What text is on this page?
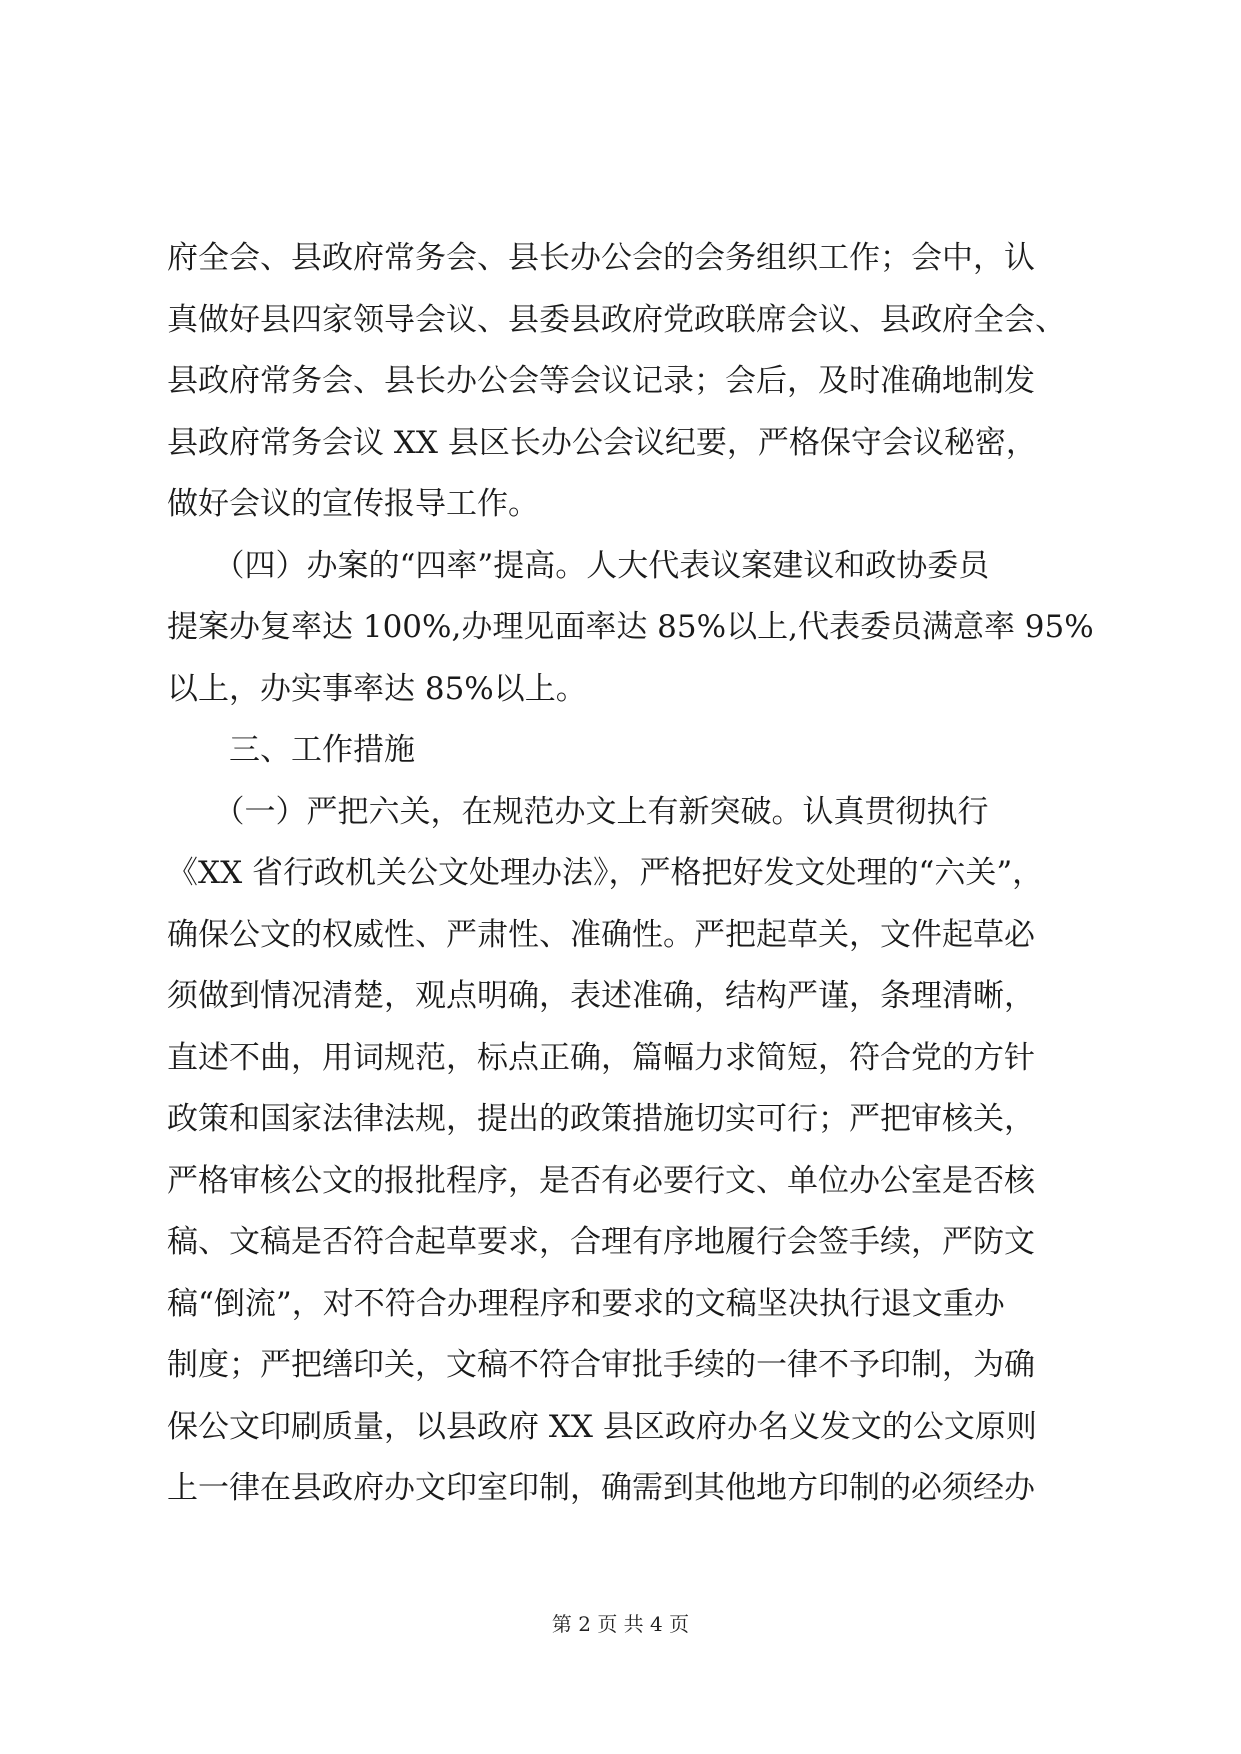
府全会、县政府常务会、县长办公会的会务组织工作；会中，认
真做好县四家领导会议、县委县政府党政联席会议、县政府全会、
县政府常务会、县长办公会等会议记录；会后，及时准确地制发
县政府常务会议 XX 县区长办公会议纪要，严格保守会议秘密，
做好会议的宣传报导工作。
　　（四）办案的“四率”提高。人大代表议案建议和政协委员
提案办复率达 100%,办理见面率达 85%以上,代表委员满意率 95%
以上，办实事率达 85%以上。
　　三、工作措施
　　（一）严把六关，在规范办文上有新突破。认真贯彻执行
《XX 省行政机关公文处理办法》，严格把好发文处理的“六关”，
确保公文的权威性、严肃性、准确性。严把起草关，文件起草必
须做到情况清楚，观点明确，表述准确，结构严谨，条理清晰，
直述不曲，用词规范，标点正确，篇幅力求简短，符合党的方针
政策和国家法律法规，提出的政策措施切实可行；严把审核关，
严格审核公文的报批程序，是否有必要行文、单位办公室是否核
稿、文稿是否符合起草要求，合理有序地履行会签手续，严防文
稿“倒流”，对不符合办理程序和要求的文稿坚决执行退文重办
制度；严把缮印关，文稿不符合审批手续的一律不予印制，为确
保公文印刷质量，以县政府 XX 县区政府办名义发文的公文原则
上一律在县政府办文印室印制，确需到其他地方印制的必须经办
第 2 页 共 4 页
